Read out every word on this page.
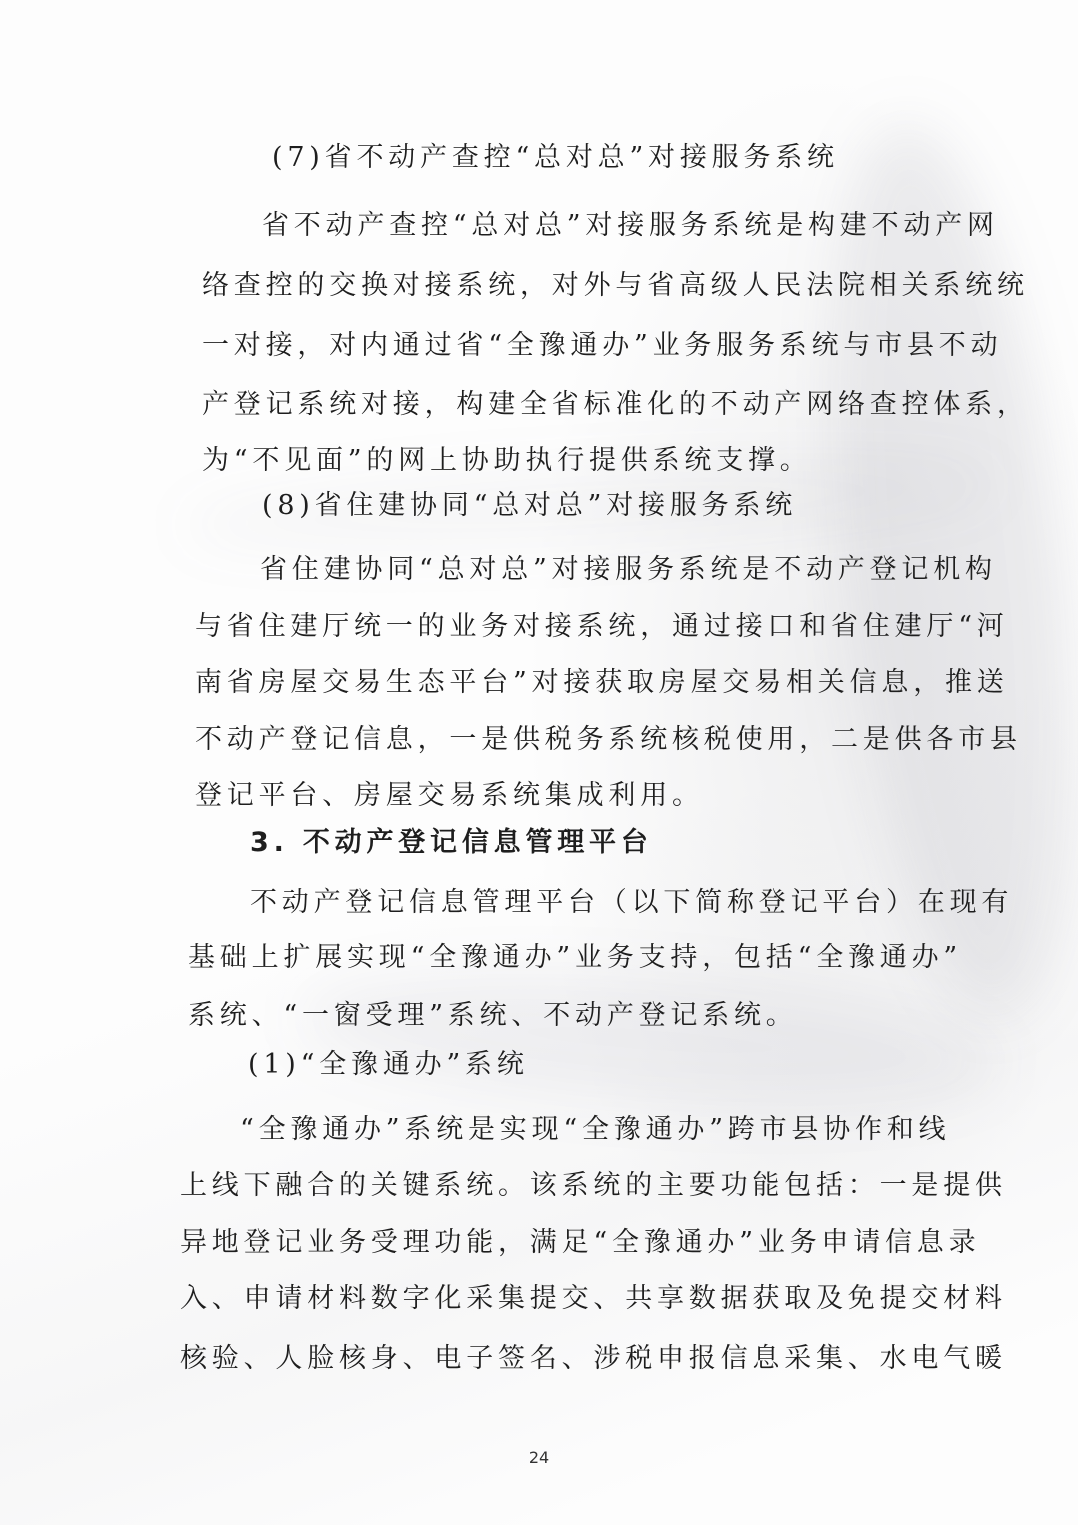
(7)省不动产查控“总对总”对接服务系统
省不动产查控“总对总”对接服务系统是构建不动产网
络查控的交换对接系统，对外与省高级人民法院相关系统统
一对接，对内通过省“全豫通办”业务服务系统与市县不动
产登记系统对接，构建全省标准化的不动产网络查控体系，
为“不见面”的网上协助执行提供系统支撑。
(8)省住建协同“总对总”对接服务系统
省住建协同“总对总”对接服务系统是不动产登记机构
与省住建厅统一的业务对接系统，通过接口和省住建厅“河
南省房屋交易生态平台”对接获取房屋交易相关信息，推送
不动产登记信息，一是供税务系统核税使用，二是供各市县
登记平台、房屋交易系统集成利用。
3. 不动产登记信息管理平台
不动产登记信息管理平台（以下简称登记平台）在现有
基础上扩展实现“全豫通办”业务支持，包括“全豫通办”
系统、“一窗受理”系统、不动产登记系统。
(1)“全豫通办”系统
“全豫通办”系统是实现“全豫通办”跨市县协作和线
上线下融合的关键系统。该系统的主要功能包括：一是提供
异地登记业务受理功能，满足“全豫通办”业务申请信息录
入、申请材料数字化采集提交、共享数据获取及免提交材料
核验、人脸核身、电子签名、涉税申报信息采集、水电气暖
24
